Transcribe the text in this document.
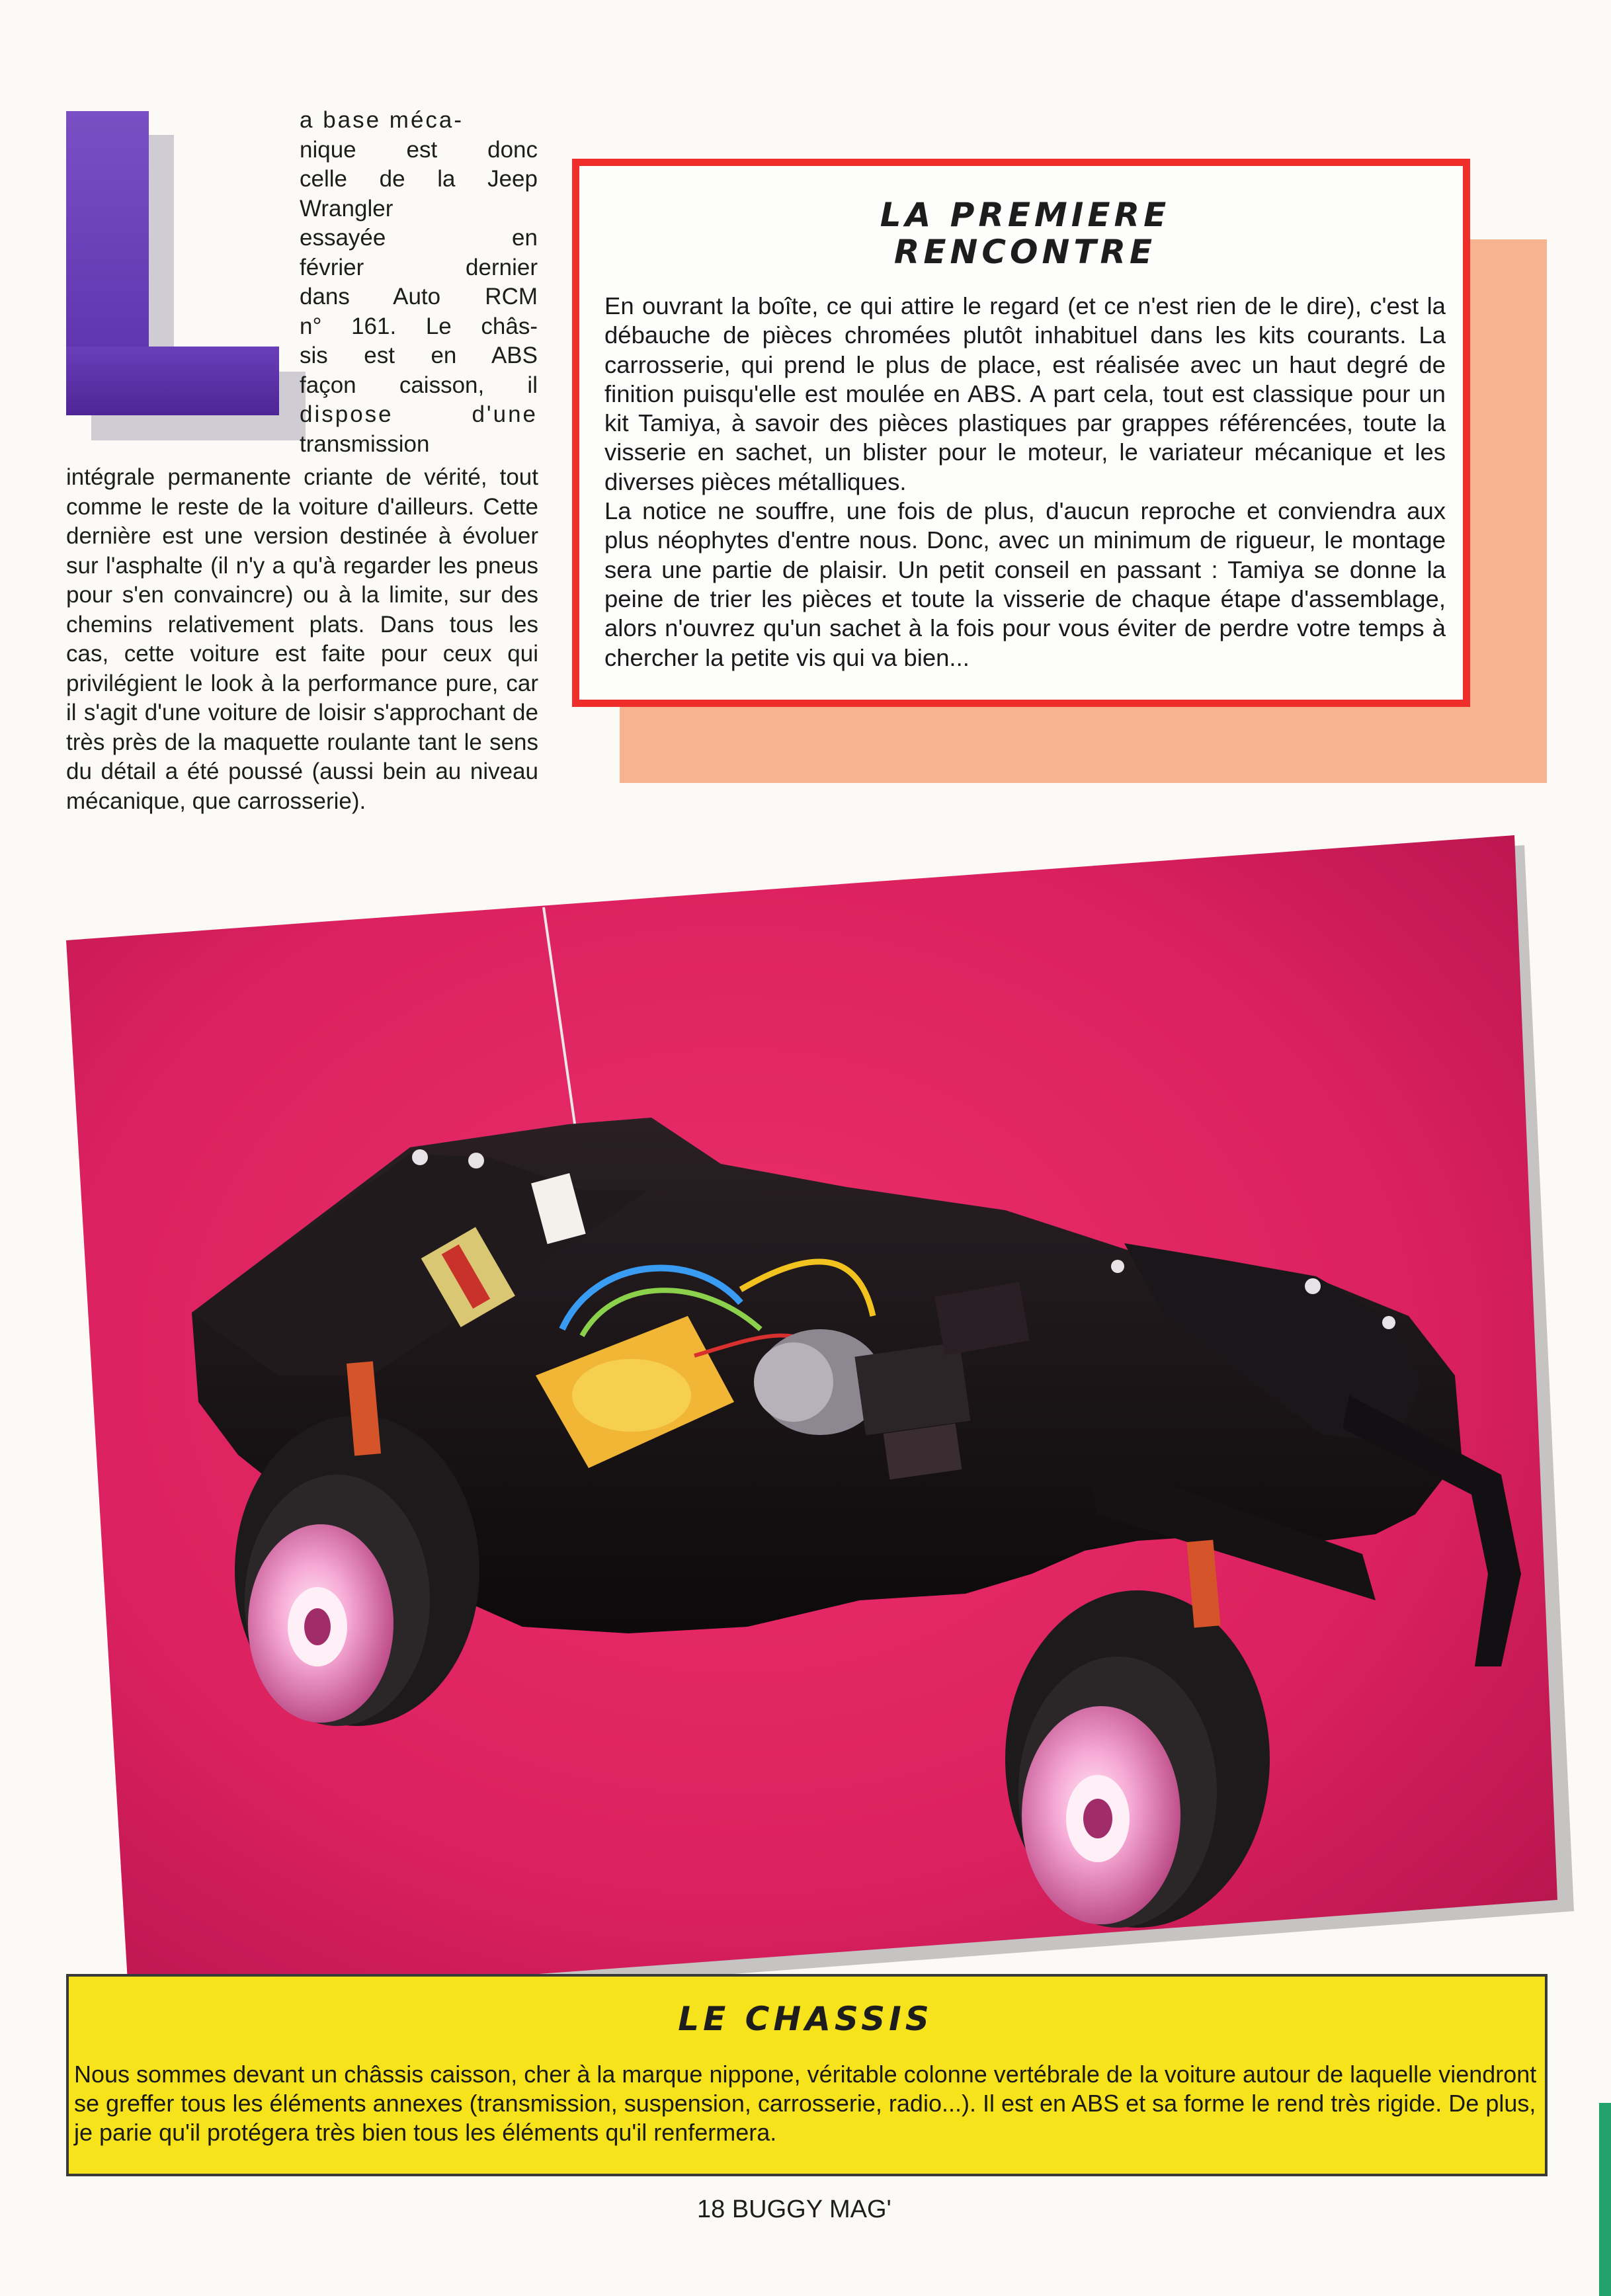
a base méca-
nique est donc
celle de la Jeep
Wrangler
essayée en
février dernier
dans Auto RCM
n° 161. Le châs-
sis est en ABS
façon caisson, il
dispose d'une
transmission

intégrale permanente criante de vérité, tout comme le reste de la voiture d'ailleurs. Cette dernière est une version destinée à évoluer sur l'asphalte (il n'y a qu'à regarder les pneus pour s'en convaincre) ou à la limite, sur des chemins relativement plats. Dans tous les cas, cette voiture est faite pour ceux qui privilégient le look à la performance pure, car il s'agit d'une voiture de loisir s'approchant de très près de la maquette roulante tant le sens du détail a été poussé (aussi bein au niveau mécanique, que carrosserie).

LA PREMIERE
RENCONTRE

En ouvrant la boîte, ce qui attire le regard (et ce n'est rien de le dire), c'est la débauche de pièces chromées plutôt inhabituel dans les kits courants. La carrosserie, qui prend le plus de place, est réalisée avec un haut degré de finition puisqu'elle est moulée en ABS. A part cela, tout est classique pour un kit Tamiya, à savoir des pièces plastiques par grappes référencées, toute la visserie en sachet, un blister pour le moteur, le variateur mécanique et les diverses pièces métalliques.

La notice ne souffre, une fois de plus, d'aucun reproche et conviendra aux plus néophytes d'entre nous. Donc, avec un minimum de rigueur, le montage sera une partie de plaisir. Un petit conseil en passant : Tamiya se donne la peine de trier les pièces et toute la visserie de chaque étape d'assemblage, alors n'ouvrez qu'un sachet à la fois pour vous éviter de perdre votre temps à chercher la petite vis qui va bien...

LE CHASSIS

Nous sommes devant un châssis caisson, cher à la marque nippone, véritable colonne vertébrale de la voiture autour de laquelle viendront se greffer tous les éléments annexes (transmission, suspension, carrosserie, radio...). Il est en ABS et sa forme le rend très rigide. De plus, je parie qu'il protégera très bien tous les éléments qu'il renfermera.

18 BUGGY MAG'
